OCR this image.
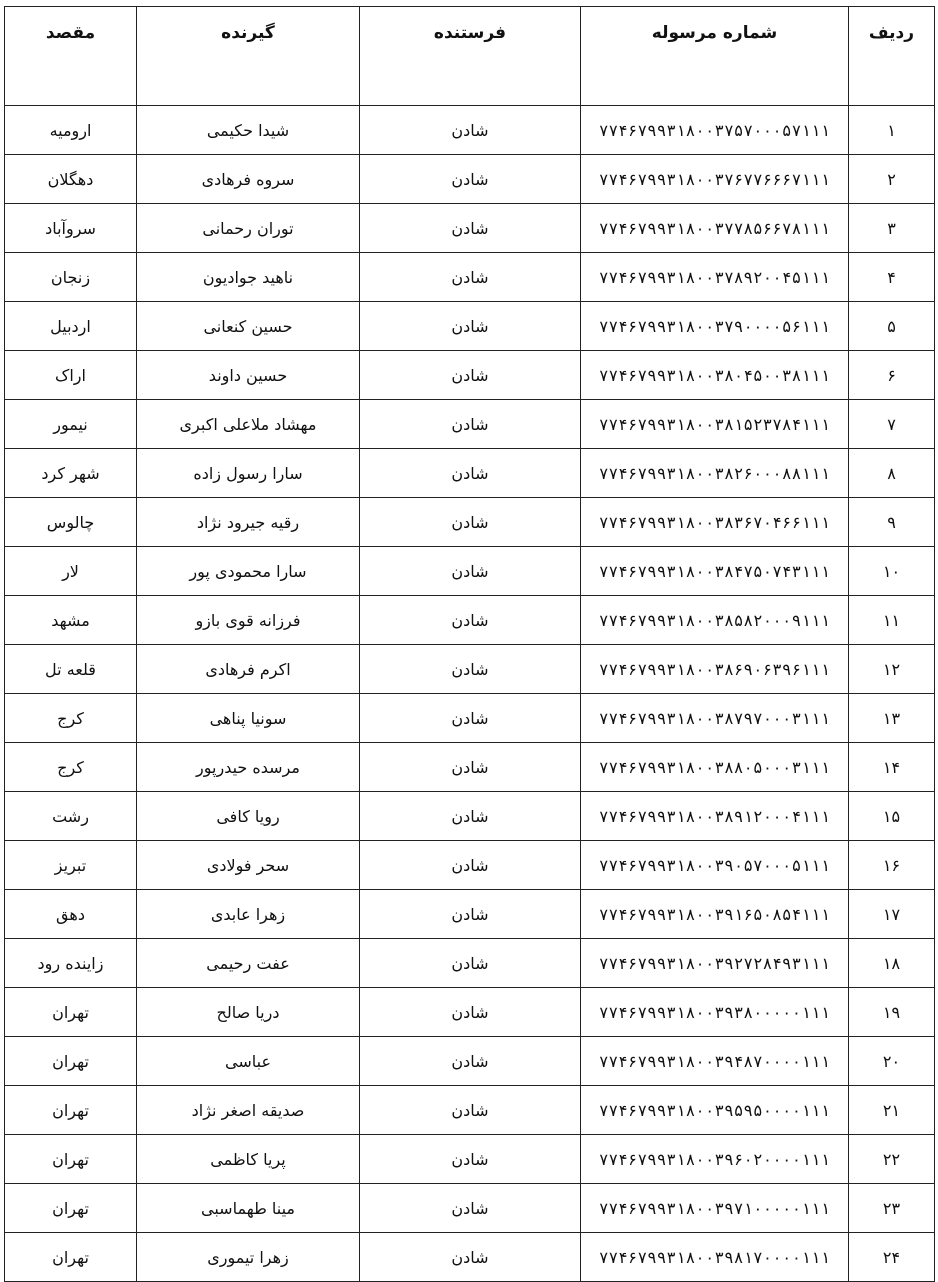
ردیف	شماره مرسوله	فرستنده	گیرنده	مقصد
۱	۷۷۴۶۷۹۹۳۱۸۰۰۳۷۵۷۰۰۰۵۷۱۱۱	شادن	شیدا حکیمی	ارومیه
۲	۷۷۴۶۷۹۹۳۱۸۰۰۳۷۶۷۷۶۶۶۷۱۱۱	شادن	سروه فرهادی	دهگلان
۳	۷۷۴۶۷۹۹۳۱۸۰۰۳۷۷۸۵۶۶۷۸۱۱۱	شادن	توران رحمانی	سروآباد
۴	۷۷۴۶۷۹۹۳۱۸۰۰۳۷۸۹۲۰۰۴۵۱۱۱	شادن	ناهید جوادیون	زنجان
۵	۷۷۴۶۷۹۹۳۱۸۰۰۳۷۹۰۰۰۰۵۶۱۱۱	شادن	حسین کنعانی	اردبیل
۶	۷۷۴۶۷۹۹۳۱۸۰۰۳۸۰۴۵۰۰۳۸۱۱۱	شادن	حسین داوند	اراک
۷	۷۷۴۶۷۹۹۳۱۸۰۰۳۸۱۵۲۳۷۸۴۱۱۱	شادن	مهشاد ملاعلی اکبری	نیمور
۸	۷۷۴۶۷۹۹۳۱۸۰۰۳۸۲۶۰۰۰۸۸۱۱۱	شادن	سارا رسول زاده	شهر کرد
۹	۷۷۴۶۷۹۹۳۱۸۰۰۳۸۳۶۷۰۴۶۶۱۱۱	شادن	رقیه جیرود نژاد	چالوس
۱۰	۷۷۴۶۷۹۹۳۱۸۰۰۳۸۴۷۵۰۷۴۳۱۱۱	شادن	سارا محمودی پور	لار
۱۱	۷۷۴۶۷۹۹۳۱۸۰۰۳۸۵۸۲۰۰۰۹۱۱۱	شادن	فرزانه قوی بازو	مشهد
۱۲	۷۷۴۶۷۹۹۳۱۸۰۰۳۸۶۹۰۶۳۹۶۱۱۱	شادن	اکرم فرهادی	قلعه تل
۱۳	۷۷۴۶۷۹۹۳۱۸۰۰۳۸۷۹۷۰۰۰۳۱۱۱	شادن	سونیا پناهی	کرج
۱۴	۷۷۴۶۷۹۹۳۱۸۰۰۳۸۸۰۵۰۰۰۳۱۱۱	شادن	مرسده حیدرپور	کرج
۱۵	۷۷۴۶۷۹۹۳۱۸۰۰۳۸۹۱۲۰۰۰۴۱۱۱	شادن	رویا کافی	رشت
۱۶	۷۷۴۶۷۹۹۳۱۸۰۰۳۹۰۵۷۰۰۰۵۱۱۱	شادن	سحر فولادی	تبریز
۱۷	۷۷۴۶۷۹۹۳۱۸۰۰۳۹۱۶۵۰۸۵۴۱۱۱	شادن	زهرا عابدی	دهق
۱۸	۷۷۴۶۷۹۹۳۱۸۰۰۳۹۲۷۲۸۴۹۳۱۱۱	شادن	عفت رحیمی	زاینده رود
۱۹	۷۷۴۶۷۹۹۳۱۸۰۰۳۹۳۸۰۰۰۰۰۱۱۱	شادن	دریا صالح	تهران
۲۰	۷۷۴۶۷۹۹۳۱۸۰۰۳۹۴۸۷۰۰۰۰۱۱۱	شادن	عباسی	تهران
۲۱	۷۷۴۶۷۹۹۳۱۸۰۰۳۹۵۹۵۰۰۰۰۱۱۱	شادن	صدیقه اصغر نژاد	تهران
۲۲	۷۷۴۶۷۹۹۳۱۸۰۰۳۹۶۰۲۰۰۰۰۱۱۱	شادن	پریا کاظمی	تهران
۲۳	۷۷۴۶۷۹۹۳۱۸۰۰۳۹۷۱۰۰۰۰۰۱۱۱	شادن	مینا طهماسبی	تهران
۲۴	۷۷۴۶۷۹۹۳۱۸۰۰۳۹۸۱۷۰۰۰۰۱۱۱	شادن	زهرا تیموری	تهران
